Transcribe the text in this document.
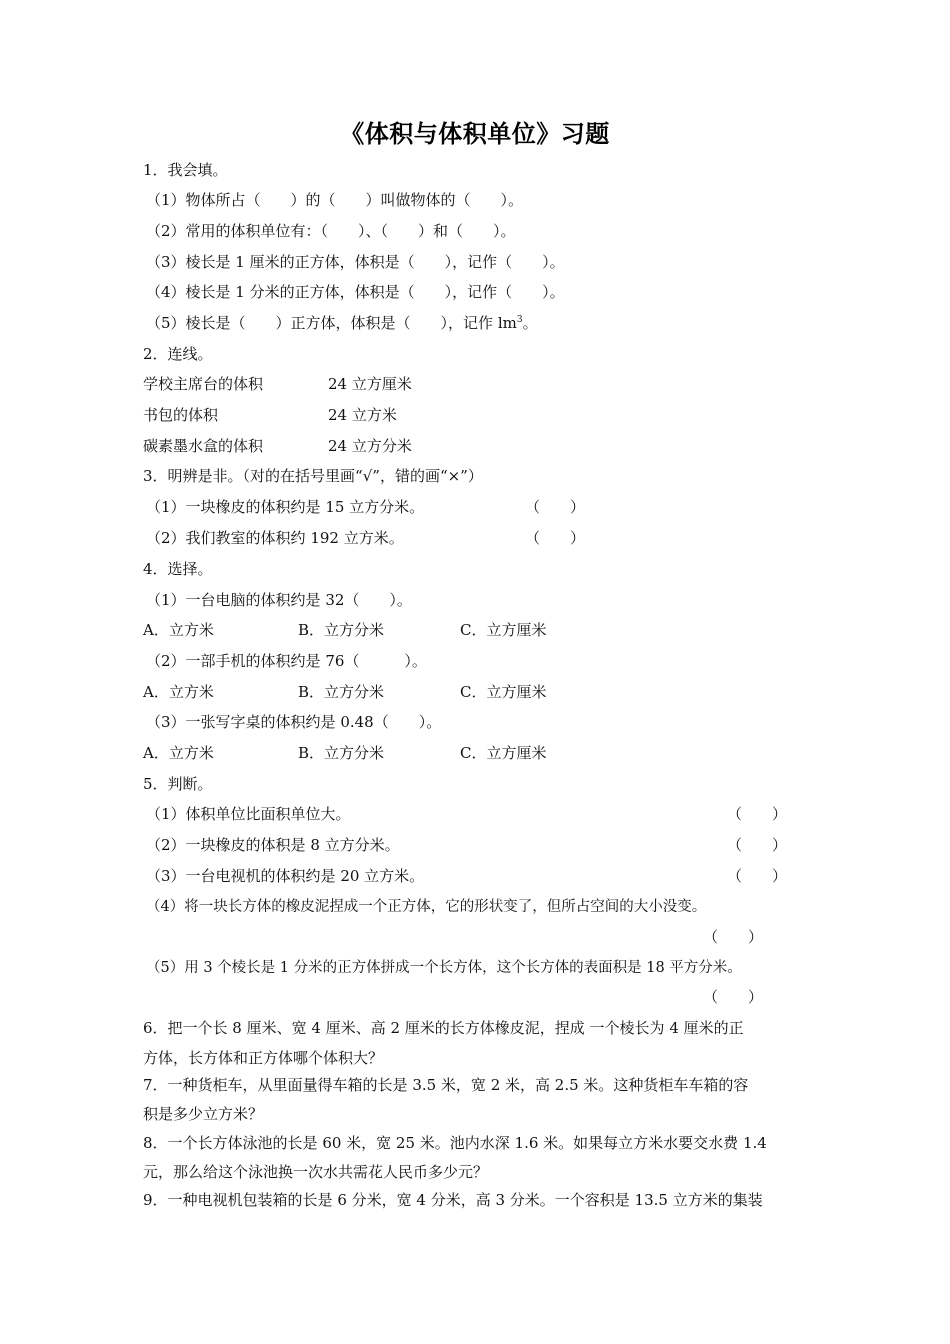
《体积与体积单位》习题
1．我会填。
（1）物体所占（　　）的（　　）叫做物体的（　　）。
（2）常用的体积单位有：（　　）、（　　）和（　　）。
（3）棱长是 1 厘米的正方体，体积是（　　），记作（　　）。
（4）棱长是 1 分米的正方体，体积是（　　），记作（　　）。
（5）棱长是（　　）正方体，体积是（　　），记作 $lm^3$。
2．连线。
学校主席台的体积	24 立方厘米
书包的体积	24 立方米
碳素墨水盒的体积	24 立方分米
3．明辨是非。（对的在括号里画“√”，错的画“×”）
（1）一块橡皮的体积约是 15 立方分米。	（　　）
（2）我们教室的体积约 192 立方米。	（　　）
4．选择。
（1）一台电脑的体积约是 32（　　）。
A．立方米	B．立方分米	C．立方厘米
（2）一部手机的体积约是 76（　　　）。
A．立方米	B．立方分米	C．立方厘米
（3）一张写字桌的体积约是 0.48（　　）。
A．立方米	B．立方分米	C．立方厘米
5．判断。
（1）体积单位比面积单位大。	（　　）
（2）一块橡皮的体积是 8 立方分米。	（　　）
（3）一台电视机的体积约是 20 立方米。	（　　）
（4）将一块长方体的橡皮泥捏成一个正方体，它的形状变了，但所占空间的大小没变。
（　　）
（5）用 3 个棱长是 1 分米的正方体拼成一个长方体，这个长方体的表面积是 18 平方分米。
（　　）
6．把一个长 8 厘米、宽 4 厘米、高 2 厘米的长方体橡皮泥，捏成 一个棱长为 4 厘米的正
方体，长方体和正方体哪个体积大？
7．一种货柜车，从里面量得车箱的长是 3.5 米，宽 2 米，高 2.5 米。这种货柜车车箱的容
积是多少立方米？
8．一个长方体泳池的长是 60 米，宽 25 米。池内水深 1.6 米。如果每立方米水要交水费 1.4
元，那么给这个泳池换一次水共需花人民币多少元？
9．一种电视机包装箱的长是 6 分米，宽 4 分米，高 3 分米。一个容积是 13.5 立方米的集装
